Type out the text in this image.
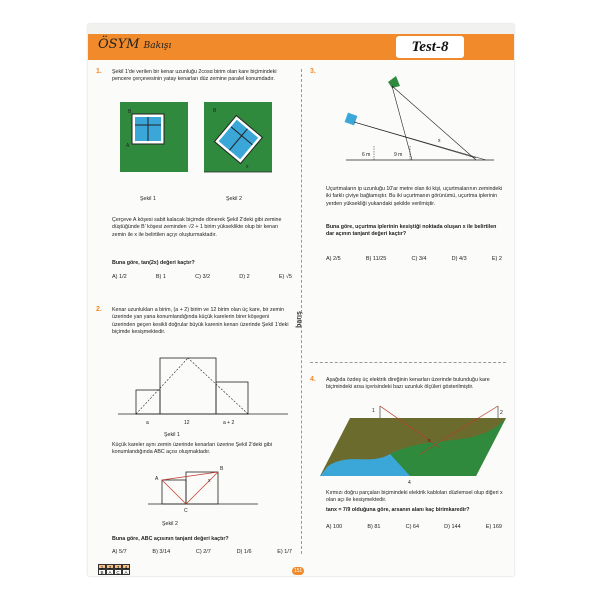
ÖSYM Bakışı	Test-8
barış
1. Şekil 1'de verilen bir kenar uzunluğu 2cosα birim olan kare biçimindeki pencere çerçevesinin yatay kenarları düz zemine paralel konumdadır.
B
A
B
x
Şekil 1	Şekil 2
Çerçeve A köşesi sabit kalacak biçimde dönerek Şekil 2'deki gibi zemine düştüğünde B' köşesi zeminden √2 + 1 birim yükseklikte olup bir kenarı zemin ile x ile belirtilen açıyı oluşturmaktadır.
Buna göre, tan(2x) değeri kaçtır?
A) 1/2	B) 1	C) 3/2	D) 2	E) √5
2. Kenar uzunlukları a birim, (a + 2) birim ve 12 birim olan üç kare, bir zemin üzerinde yan yana konumlandığında küçük karelerin birer köşegeni üzerinden geçen kesikli doğrular büyük karenin kenarı üzerinde Şekil 1'deki biçimde kesişmektedir.
a	12	a + 2
Şekil 1
Küçük kareler aynı zemin üzerinde kenarları üzerine Şekil 2'deki gibi konumlandığında ABC açısı oluşmaktadır.
A
B
C
x
Şekil 2
Buna göre, ABC açısının tanjant değeri kaçtır?
A) 5/7	B) 3/14	C) 2/7	D) 1/6	E) 1/7
3.
6 m	9 m
x
Uçurtmaların ip uzunluğu 10'ar metre olan iki kişi, uçurtmalarının zemindeki iki farklı çiviye bağlamıştır. Bu iki uçurtmanın görünümü, uçurtma iplerinin yerden yüksekliği yukarıdaki şekilde verilmiştir.
Buna göre, uçurtma iplerinin kesiştiği noktada oluşan x ile belirtilen dar açının tanjant değeri kaçtır?
A) 2/5	B) 11/25	C) 3/4	D) 4/3	E) 2
4. Aşağıda özdeş üç elektrik direğinin kenarları üzerinde bulunduğu kare biçimindeki arsa içerisindeki bazı uzunluk ölçüleri gösterilmiştir.
1	2
4
x
Kırmızı doğru parçaları biçimindeki elektrik kabloları düzlemsel olup diğeri x olan açı ile kesişmektedir.
tanx = 7/9 olduğuna göre, arsanın alanı kaç birimkaredir?
A) 100	B) 81	C) 64	D) 144	E) 169
1	2	3	4
B	A	C	A	151
